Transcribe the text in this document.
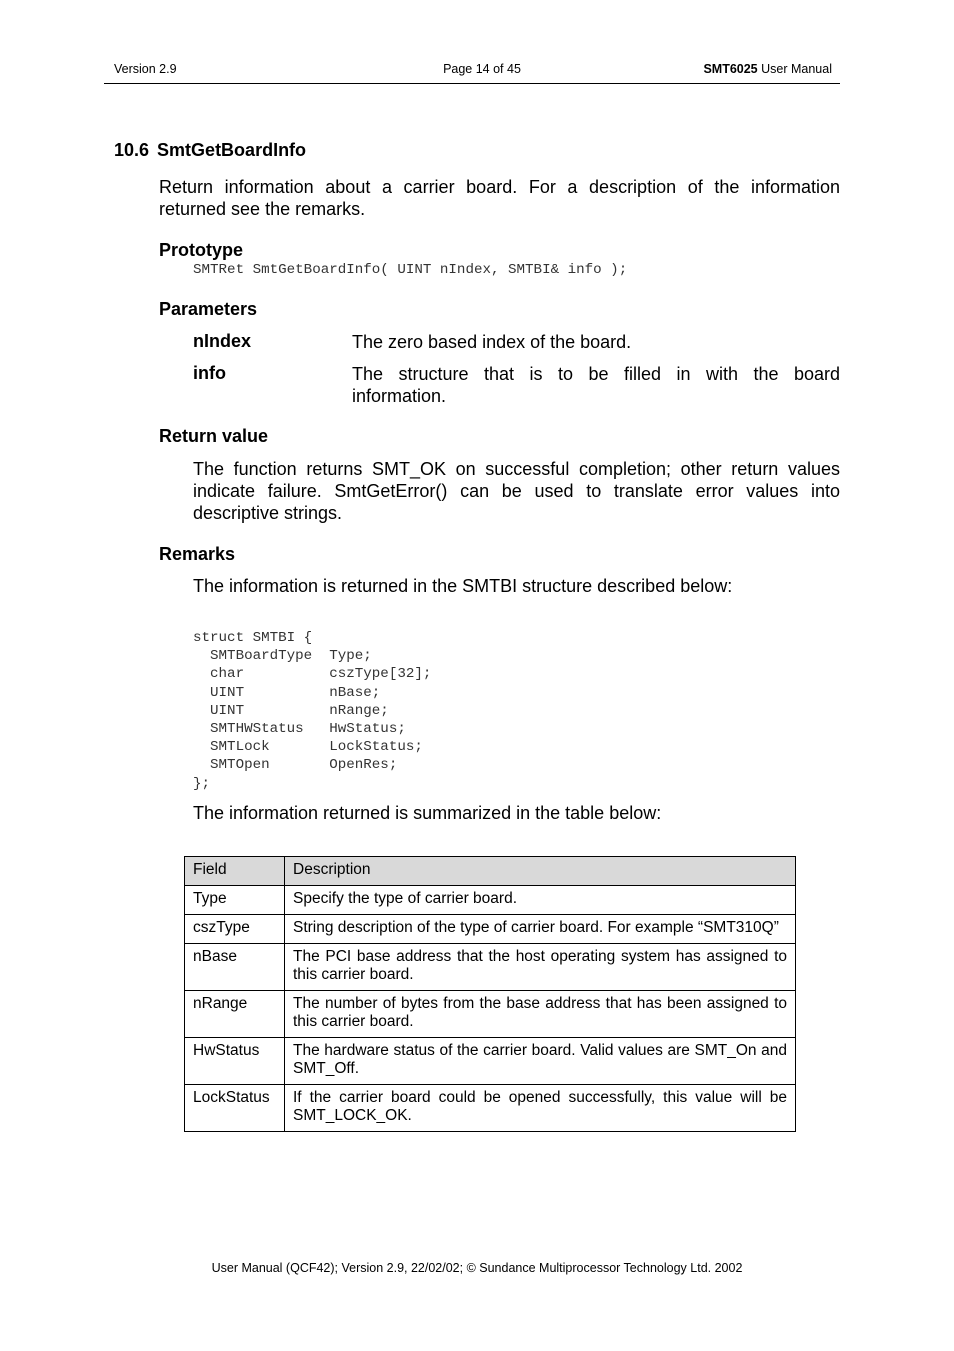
Version 2.9	Page 14 of 45	SMT6025 User Manual
10.6 SmtGetBoardInfo
Return information about a carrier board. For a description of the information
returned see the remarks.
Prototype
SMTRet SmtGetBoardInfo( UINT nIndex, SMTBI& info );
Parameters
nIndex	The zero based index of the board.
info	The structure that is to be filled in with the board
information.
Return value
The function returns SMT_OK on successful completion; other return values
indicate failure. SmtGetError() can be used to translate error values into
descriptive strings.
Remarks
The information is returned in the SMTBI structure described below:
struct SMTBI {
SMTBoardType  Type;
char          cszType[32];
UINT          nBase;
UINT          nRange;
SMTHWStatus   HwStatus;
SMTLock       LockStatus;
SMTOpen       OpenRes;
};
The information returned is summarized in the table below:
Field	Description
Type	Specify the type of carrier board.
cszType	String description of the type of carrier board. For example “SMT310Q”
nBase	The PCI base address that the host operating system has assigned to this carrier board.
nRange	The number of bytes from the base address that has been assigned to this carrier board.
HwStatus	The hardware status of the carrier board. Valid values are SMT_On and SMT_Off.
LockStatus	If the carrier board could be opened successfully, this value will be SMT_LOCK_OK.
User Manual (QCF42); Version 2.9, 22/02/02; © Sundance Multiprocessor Technology Ltd. 2002
